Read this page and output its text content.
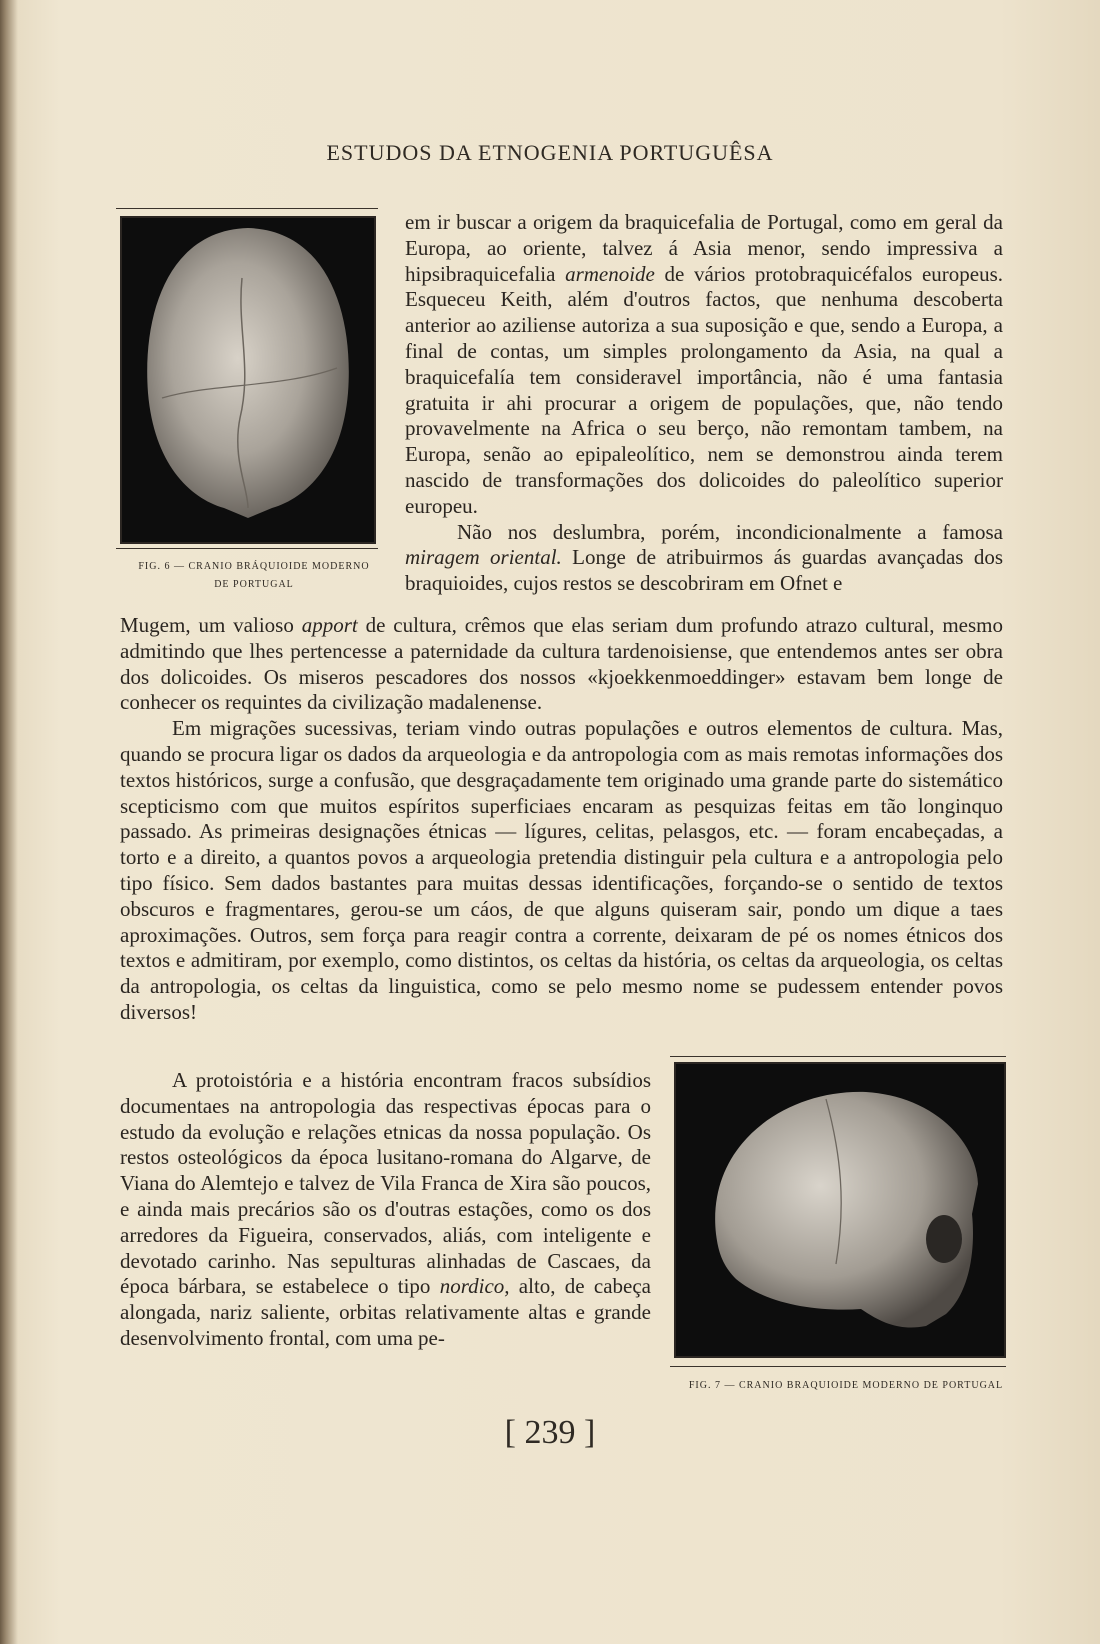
ESTUDOS DA ETNOGENIA PORTUGUÊSA
FIG. 6 — CRANIO BRÁQUIOIDE MODERNO
DE PORTUGAL

em ir buscar a origem da braquicefalia de Portugal, como em geral da Europa, ao oriente, talvez á Asia menor, sendo impressiva a hipsibraquicefalia armenoide de vários protobraquicéfalos europeus. Esqueceu Keith, além d'outros factos, que nenhuma descoberta anterior ao aziliense autoriza a sua suposição e que, sendo a Europa, a final de contas, um simples prolongamento da Asia, na qual a braquicefalía tem consideravel importância, não é uma fantasia gratuita ir ahi procurar a origem de populações, que, não tendo provavelmente na Africa o seu berço, não remontam tambem, na Europa, senão ao epipaleolítico, nem se demonstrou ainda terem nascido de transformações dos dolicoides do paleolítico superior europeu.

Não nos deslumbra, porém, incondicionalmente a famosa miragem oriental. Longe de atribuirmos ás guardas avançadas dos braquioides, cujos restos se descobriram em Ofnet e

Mugem, um valioso apport de cultura, crêmos que elas seriam dum profundo atrazo cultural, mesmo admitindo que lhes pertencesse a paternidade da cultura tardenoisiense, que entendemos antes ser obra dos dolicoides. Os miseros pescadores dos nossos «kjoekkenmoeddinger» estavam bem longe de conhecer os requintes da civilização madalenense.

Em migrações sucessivas, teriam vindo outras populações e outros elementos de cultura. Mas, quando se procura ligar os dados da arqueologia e da antropologia com as mais remotas informações dos textos históricos, surge a confusão, que desgraçadamente tem originado uma grande parte do sistemático scepticismo com que muitos espíritos superficiaes encaram as pesquizas feitas em tão longinquo passado. As primeiras designações étnicas — lígures, celitas, pelasgos, etc. — foram encabeçadas, a torto e a direito, a quantos povos a arqueologia pretendia distinguir pela cultura e a antropologia pelo tipo físico. Sem dados bastantes para muitas dessas identificações, forçando-se o sentido de textos obscuros e fragmentares, gerou-se um cáos, de que alguns quiseram sair, pondo um dique a taes aproximações. Outros, sem força para reagir contra a corrente, deixaram de pé os nomes étnicos dos textos e admitiram, por exemplo, como distintos, os celtas da história, os celtas da arqueologia, os celtas da antropologia, os celtas da linguistica, como se pelo mesmo nome se pudessem entender povos diversos!

A protoistória e a história encontram fracos subsídios documentaes na antropologia das respectivas épocas para o estudo da evolução e relações etnicas da nossa população. Os restos osteológicos da época lusitano-romana do Algarve, de Viana do Alemtejo e talvez de Vila Franca de Xira são poucos, e ainda mais precários são os d'outras estações, como os dos arredores da Figueira, conservados, aliás, com inteligente e devotado carinho. Nas sepulturas alinhadas de Cascaes, da época bárbara, se estabelece o tipo nordico, alto, de cabeça alongada, nariz saliente, orbitas relativamente altas e grande desenvolvimento frontal, com uma pe-

FIG. 7 — CRANIO BRAQUIOIDE MODERNO DE PORTUGAL
[ 239 ]
